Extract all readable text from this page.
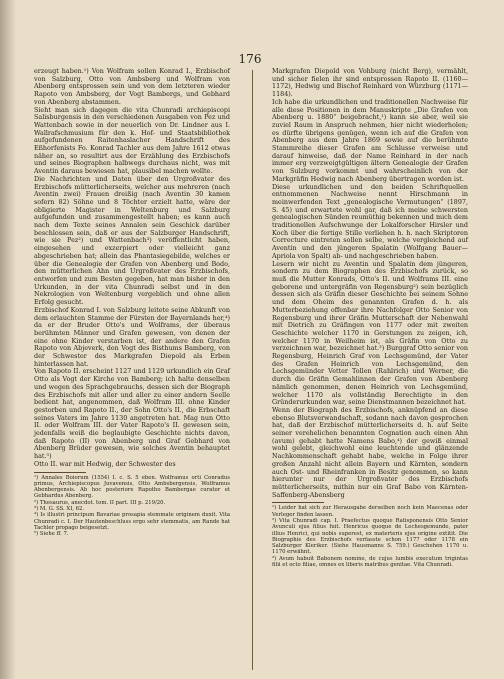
176

erzeugt haben.¹) Von Wolfram sollen Konrad I., Erzbischof von Salzburg, Otto von Ambsberg und Wolfram von Abenberg entsprossen sein und von dem letzteren wieder Rapoto von Ambsberg, der Vogt Bambergs, und Gebhard von Abenberg abstammen.

Sieht man sich dagegen die vita Chunradi archiepiscopi Salisburgensis in den verschiedenen Ausgaben von Pez und Wattenbach sowie in der neuerlich von Dr. Lindner aus I. Wallrafschmusium für den k. Hof- und Staatsbibliothek aufgefundenen Raitenhaslacher Handschrift des Eßhorfenists Fo. Konrad Tachler aus dem Jahre 1612 etwas näher an, so resultirt aus der Erzählung des Erzbischofs und seines Biographen halbwegs durchaus nicht, was mit Aventin daraus bewiesen hat, plausibel machen wollte.

Die Nachrichten und Daten über den Urgroßvater des Erzbischofs mütterlicherseits, welcher aus mehreren (nach Aventin zwei) Frauen dreißig (nach Aventin 30 kamen sofern 82) Söhne und 8 Töchter erzielt hatte, wäre der obligierte Magister in Weltenburg und Salzburg aufgefunden und zusammengestellt haben; es kann auch nach dem Texte seines Annalen sein Geschick darüber beschlossen sein, daß er aus der Salzburger Handschrift, wie sie Pez²) und Wattenbach³) veröffentlicht haben, eingesehen und exzerpiert oder vielleicht ganz abgeschrieben hat; allein das Phantasiegebilde, welches er über die Genealogie der Grafen von Abenberg und Bodo, den mütterlichen Ahn und Urgroßvater des Erzbischofs, entworfen und zum Besten gegeben, hat man bisher in den Urkunden, in der vita Chunradi selbst und in den Nekrologien von Weltenburg vergeblich und ohne allen Erfolg gesucht.

Erzbischof Konrad I. von Salzburg leitete seine Abkunft von dem erlauchten Stamme der Fürsten der Bayernlands her,⁴) da er der Bruder Otto's und Wolframs, der überaus berühmten Männer und Grafen gewesen, von denen der eine ohne Kinder verstarben ist, der andere den Grafen Rapoto von Abjeverk, den Vogt des Bisthums Bamberg, von der Schwester des Markgrafen Diepold als Erben hinterlassen hat.

Von Rapoto II. erscheint 1127 und 1129 urkundlich ein Graf Otto als Vogt der Kirche von Bamberg; ich halte denselben und wegen des Sprachgebrauchs, dessen sich der Biograph des Erzbischofs mit aller und aller zu einer andern Seelle bedient hat, angenommen, daß Wolfram III. ohne Kinder gestorben und Rapoto II., der Sohn Otto's II., die Erbschaft seines Vaters im Jahre 1130 angetreten hat. Mag nun Otto II. oder Wolfram III. der Vater Rapoto's II. gewesen sein, jedenfalls weiß die beglaubigte Geschichte nichts davon, daß Rapoto (II) von Abenberg und Graf Gebhard von Abenberg Brüder gewesen, wie solches Aventin behauptet hat.⁵)

Otto II. war mit Hedwig, der Schwester des

¹) Annales Boiorum (1554) I. c. S. 5 eben. Wolframus orti Conradus primus, Archiepiscopus Juvavensis, Otto Ambsbergensis, Wolframus Abenbergensis. Ab hoc posteriore Rapotho Bambergae curator et Gebhardus Abenberg.

²) Thesaurus, anecdot. tom. II part. III p. 219/20.

³) M. G. SS. XI, 62.

⁴) Is illustri principum Bavariae prosapia stemmate originem duxit. Vita Chunradi c. I. Der Hautenbeschluss ergo sehr stemmatis, am Rande hat Tachler propago beigesetzt.

⁵) Siehe ff. 7.

Markgrafen Diepold von Vohburg (nicht Berg), vermählt, und sicher fielen ihr sind entsprossen Rapoto II. (1160—1172), Hedwig und Bischof Reinhard von Würzburg (1171—1184).

Ich habe die urkundlichen und traditionellen Nachweise für alle diese Positionen in dem Manuskripte „Die Grafen von Abenberg u. 1880“ beigebracht,¹) kann sie aber, weil sie zuviel Raum in Anspruch nehmen, hier nicht wiederholen; es dürfte übrigens genügen, wenn ich auf die Grafen von Abenberg aus dem Jahre 1869 sowie auf die berühmte Stammreihe dieser Grafen am Schlusse verweise und darauf hinweise, daß der Name Reinhard in der nach immer erg verzweigtgültigen ältern Genealogie der Grafen von Sulzburg vorkommt und wahrscheinlich von der Markgräfin Hedwig nach Abenberg übertragen worden ist.

Diese urkundlichen und den beiden Schriftquellen entnommenen Nachweise nennt Hirschmann in meinwerfenden Text „genealogische Vermutungen“ (1897, S. 45) und erwartete wohl gar, daß ich meine schwersten genealogischen Sünden reumüthig bekennen und mich dem traditionellen Aufschwunge der Lokalforscher Hirsler und Koch über die fertige Stille verliehen h. h. nach Skriptoren Correcture eintreten sollen selbe, welche vergleichend auf Aventin und den jüngeren Spalatin (Wolfgang Bauer—Apriola von Spalt) ab- und nachgeschrieben haben.

Lesern wir nicht zu Aventin und Spalatin dem jüngeren, sondern zu dem Biographen des Erzbischofs zurück, so muß die Mutter Konrads, Otto's II. und Wolframs III. eine geborene und untergräfin von Regensburg²) sein bezüglich dessen sich als Gräfin dieser Geschichte bei seinem Sohne und dem Oheim des genannten Grafen d. h. als Mutterbeziehung offenbar ihre Nachfolger Otto Senior von Regensburg und ihrer Gräfin Mutterschaft der Nebenwahl mit Dietrich zu Gräfingen von 1177 oder mit zweiten Geschichte welcher 1170 in Gerstungen zu zeigen, ich, welcher 1170 in Weilheim ist, als Gräfin von Otto zu verzeichnen war, bezeichnet hat.³) Burggraf Otto senior von Regensburg, Heinrich Graf von Lechsgemünd, der Vater des Grafen Heinrich von Lechsgemünd, den Lechsgemünder Vetter Tollen (Rahlrich) und Werner, die durch die Gräfin Gemahlinnen der Grafen von Abenberg nämlich genommen, denen Heinrich von Lechsgemünd, welcher 1170 als vollständig Berechtigte in den Gründerurkunden war, seine Dienstmannen bezeichnet hat.

Wenn der Biograph des Erzbischofs, anknüpfend an diese ebenso Blutsverwandschaft, sodann nach davon gesprochen hat, daß der Erzbischof mütterlicherseits d. h. auf Seite seiner verehelichen benannten Cognation auch einen Ahn (avum) gehabt hatte Namens Babo,⁴) der gewiß einmal wohl gelebt, gleichwohl eine leuchtende und glänzende Nachkommenschaft gehabt habe, welche in Folge ihrer großen Anzahl nicht allein Bayern und Kärnten, sondern auch Ost- und Rheinfranken in Besitz genommen, so kann hierunter nur der Urgroßvater des Erzbischofs mütterlicherseits, mithin nur ein Graf Babo von Kärnten-Saffenberg-Abensberg

¹) Leider hat sich zur Herausgabe derselben noch kein Maecenas oder Verleger finden lassen.

²) Vita Chunradi cap. I. Praefectus quoque Ratisponensis Otto Senior Avunculi ejus filius fuit. Henricus quoque de Lechesgemunde, pater illius Henrici, qui nobis superest, ex materteris ejus origine extitit. Die Biographie des Erzbischofs verfasste schon 1177 oder 1178 ein Salzburger Kleriker. (Siehe Hausmanns S. 759.) Geschehen 1170 u. 1170 erwähnt.

³) Avum habuit Babonem nomine, de cujus lumbis executum trigintas filii et octo filiae, omnes ex liberis matribus genitae. Vita Chunradi.
